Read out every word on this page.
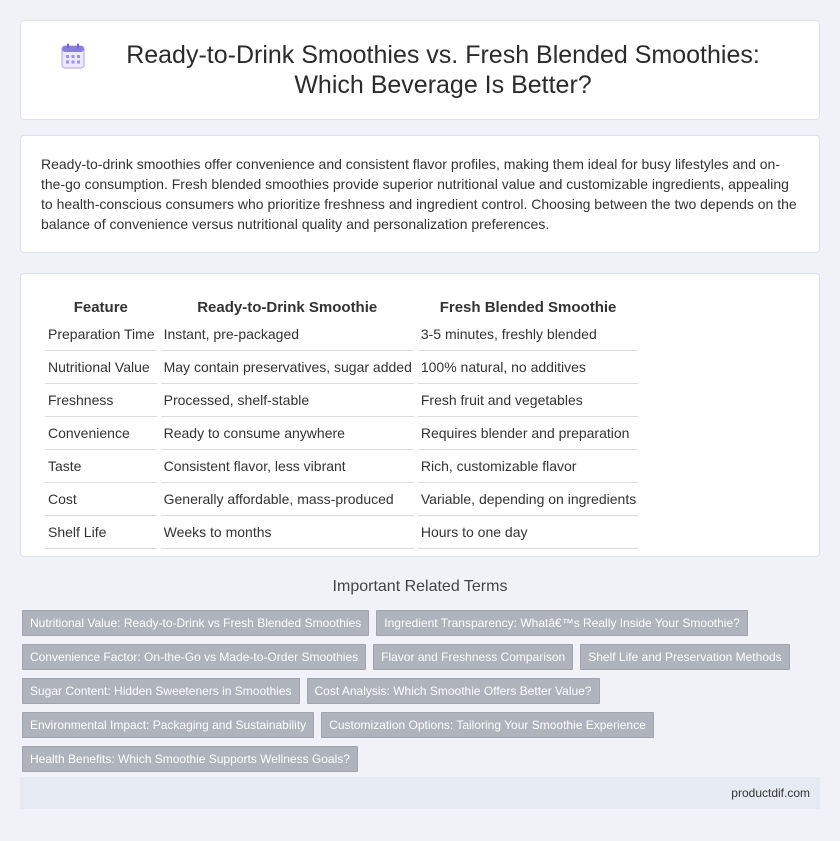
Ready-to-Drink Smoothies vs. Fresh Blended Smoothies: Which Beverage Is Better?

Ready-to-drink smoothies offer convenience and consistent flavor profiles, making them ideal for busy lifestyles and on-the-go consumption. Fresh blended smoothies provide superior nutritional value and customizable ingredients, appealing to health-conscious consumers who prioritize freshness and ingredient control. Choosing between the two depends on the balance of convenience versus nutritional quality and personalization preferences.

Feature	Ready-to-Drink Smoothie	Fresh Blended Smoothie
Preparation Time	Instant, pre-packaged	3-5 minutes, freshly blended
Nutritional Value	May contain preservatives, sugar added	100% natural, no additives
Freshness	Processed, shelf-stable	Fresh fruit and vegetables
Convenience	Ready to consume anywhere	Requires blender and preparation
Taste	Consistent flavor, less vibrant	Rich, customizable flavor
Cost	Generally affordable, mass-produced	Variable, depending on ingredients
Shelf Life	Weeks to months	Hours to one day
Important Related Terms
Nutritional Value: Ready-to-Drink vs Fresh Blended Smoothies	Ingredient Transparency: Whatâ€™s Really Inside Your Smoothie?
Convenience Factor: On-the-Go vs Made-to-Order Smoothies	Flavor and Freshness Comparison	Shelf Life and Preservation Methods
Sugar Content: Hidden Sweeteners in Smoothies	Cost Analysis: Which Smoothie Offers Better Value?
Environmental Impact: Packaging and Sustainability	Customization Options: Tailoring Your Smoothie Experience
Health Benefits: Which Smoothie Supports Wellness Goals?
productdif.com
